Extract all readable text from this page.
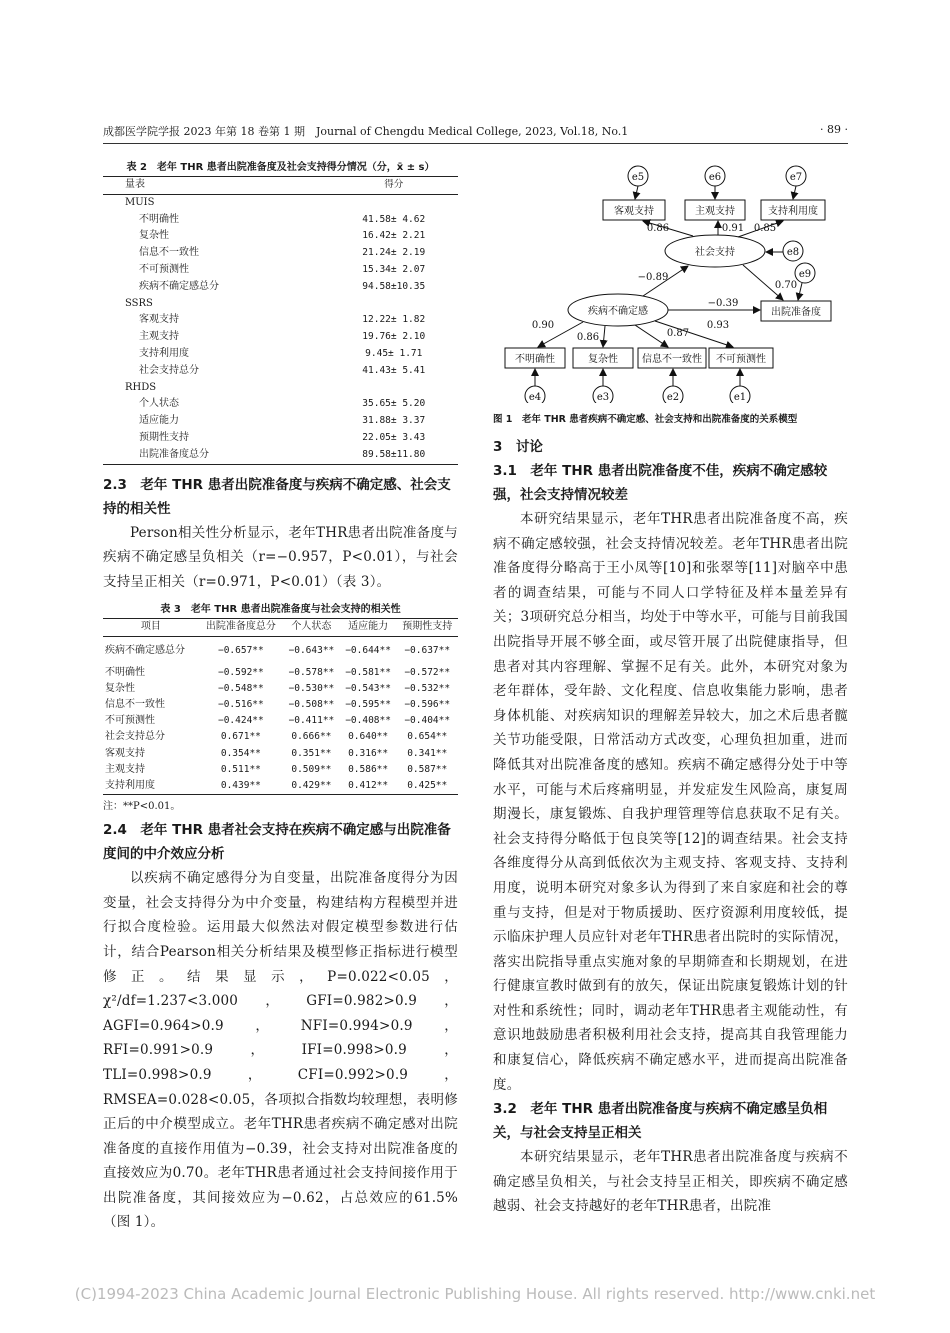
成都医学院学报 2023 年第 18 卷第 1 期　Journal of Chengdu Medical College, 2023, Vol.18, No.1	· 89 ·
表 2　老年 THR 患者出院准备度及社会支持得分情况（分，x̄ ± s）
量表	得分
MUIS	
不明确性	41.58± 4.62
复杂性	16.42± 2.21
信息不一致性	21.24± 2.19
不可预测性	15.34± 2.07
疾病不确定感总分	94.58±10.35
SSRS	
客观支持	12.22± 1.82
主观支持	19.76± 2.10
支持利用度	9.45± 1.71
社会支持总分	41.43± 5.41
RHDS	
个人状态	35.65± 5.20
适应能力	31.88± 3.37
预期性支持	22.05± 3.43
出院准备度总分	89.58±11.80
2.3　老年 THR 患者出院准备度与疾病不确定感、社会支持的相关性

Person相关性分析显示，老年THR患者出院准备度与疾病不确定感呈负相关（r=−0.957，P<0.01），与社会支持呈正相关（r=0.971，P<0.01）（表 3）。

表 3　老年 THR 患者出院准备度与社会支持的相关性
项目	出院准备度总分	个人状态	适应能力	预期性支持
疾病不确定感总分	−0.657**	−0.643**	−0.644**	−0.637**
不明确性	−0.592**	−0.578**	−0.581**	−0.572**
复杂性	−0.548**	−0.530**	−0.543**	−0.532**
信息不一致性	−0.516**	−0.508**	−0.595**	−0.596**
不可预测性	−0.424**	−0.411**	−0.408**	−0.404**
社会支持总分	0.671**	0.666**	0.640**	0.654**
客观支持	0.354**	0.351**	0.316**	0.341**
主观支持	0.511**	0.509**	0.586**	0.587**
支持利用度	0.439**	0.429**	0.412**	0.425**
注：**P<0.01。
2.4　老年 THR 患者社会支持在疾病不确定感与出院准备度间的中介效应分析

以疾病不确定感得分为自变量，出院准备度得分为因变量，社会支持得分为中介变量，构建结构方程模型并进行拟合度检验。运用最大似然法对假定模型参数进行估计，结合Pearson相关分析结果及模型修正指标进行模型修正。结果显示，P=0.022<0.05，χ²/df=1.237<3.000，GFI=0.982>0.9，AGFI=0.964>0.9，NFI=0.994>0.9，RFI=0.991>0.9，IFI=0.998>0.9，TLI=0.998>0.9，CFI=0.992>0.9，RMSEA=0.028<0.05，各项拟合指数均较理想，表明修正后的中介模型成立。老年THR患者疾病不确定感对出院准备度的直接作用值为−0.39，社会支持对出院准备度的直接效应为0.70。老年THR患者通过社会支持间接作用于出院准备度，其间接效应为−0.62，占总效应的61.5%（图 1）。

e5	e6	e7
e8
e9
e4	e3	e2	e1
客观支持	主观支持	支持利用度
出院准备度
不明确性	复杂性 信息不一致性 不可预测性
社会支持
疾病不确定感
0.86	0.91 0.85
0.70
−0.89
−0.39
0.90
0.86	0.87
0.93
图 1　老年 THR 患者疾病不确定感、社会支持和出院准备度的关系模型
3　讨论
3.1　老年 THR 患者出院准备度不佳，疾病不确定感较强，社会支持情况较差

本研究结果显示，老年THR患者出院准备度不高，疾病不确定感较强，社会支持情况较差。老年THR患者出院准备度得分略高于王小凤等[10]和张翠等[11]对脑卒中患者的调查结果，可能与不同人口学特征及样本量差异有关；3项研究总分相当，均处于中等水平，可能与目前我国出院指导开展不够全面，或尽管开展了出院健康指导，但患者对其内容理解、掌握不足有关。此外，本研究对象为老年群体，受年龄、文化程度、信息收集能力影响，患者身体机能、对疾病知识的理解差异较大，加之术后患者髋关节功能受限，日常活动方式改变，心理负担加重，进而降低其对出院准备度的感知。疾病不确定感得分处于中等水平，可能与术后疼痛明显，并发症发生风险高，康复周期漫长，康复锻炼、自我护理管理等信息获取不足有关。社会支持得分略低于包良笑等[12]的调查结果。社会支持各维度得分从高到低依次为主观支持、客观支持、支持利用度，说明本研究对象多认为得到了来自家庭和社会的尊重与支持，但是对于物质援助、医疗资源利用度较低，提示临床护理人员应针对老年THR患者出院时的实际情况，落实出院指导重点实施对象的早期筛查和长期规划，在进行健康宣教时做到有的放矢，保证出院康复锻炼计划的针对性和系统性；同时，调动老年THR患者主观能动性，有意识地鼓励患者积极利用社会支持，提高其自我管理能力和康复信心，降低疾病不确定感水平，进而提高出院准备度。

3.2　老年 THR 患者出院准备度与疾病不确定感呈负相关，与社会支持呈正相关

本研究结果显示，老年THR患者出院准备度与疾病不确定感呈负相关，与社会支持呈正相关，即疾病不确定感越弱、社会支持越好的老年THR患者，出院准

(C)1994-2023 China Academic Journal Electronic Publishing House. All rights reserved. http://www.cnki.net
